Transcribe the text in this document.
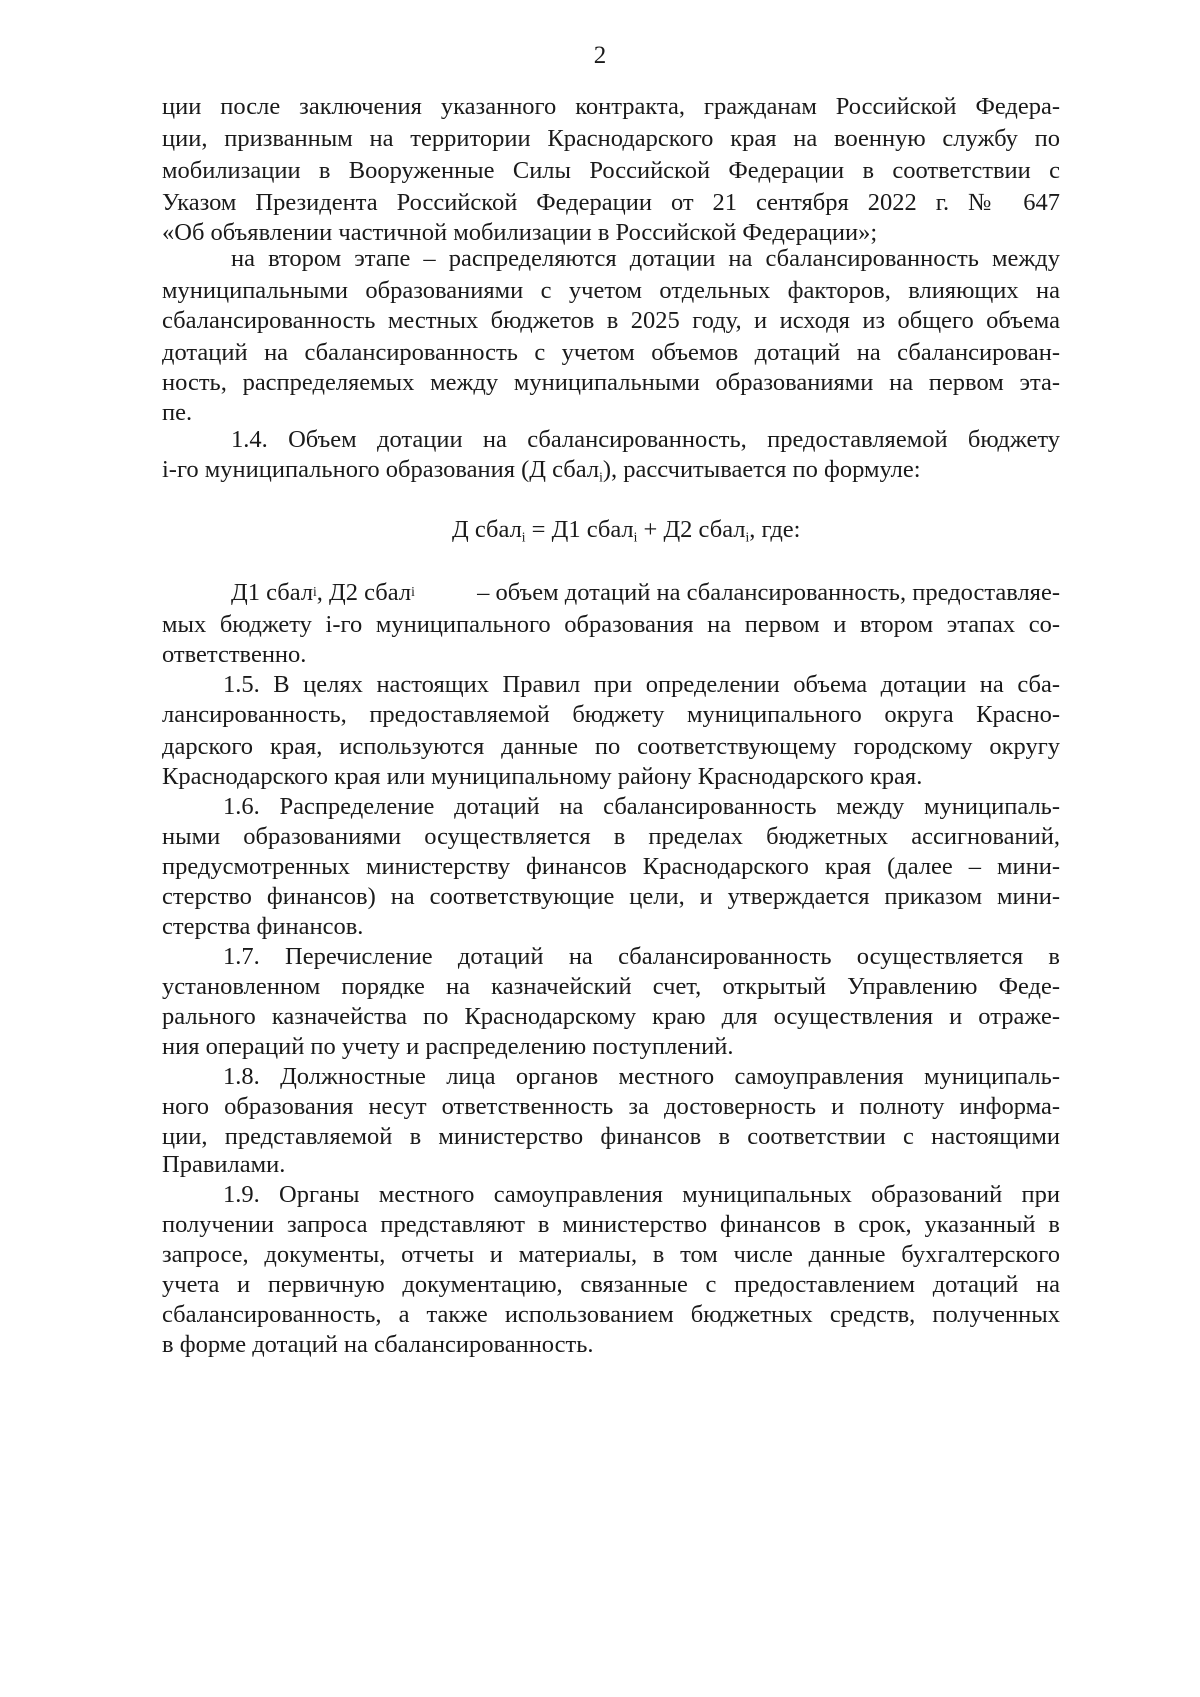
2
ции после заключения указанного контракта, гражданам Российской Федера-
ции, призванным на территории Краснодарского края на военную службу по
мобилизации в Вооруженные Силы Российской Федерации в соответствии с
Указом Президента Российской Федерации от 21 сентября 2022 г. № 647
«Об объявлении частичной мобилизации в Российской Федерации»;
на втором этапе – распределяются дотации на сбалансированность между
муниципальными образованиями с учетом отдельных факторов, влияющих на
сбалансированность местных бюджетов в 2025 году, и исходя из общего объема
дотаций на сбалансированность с учетом объемов дотаций на сбалансирован-
ность, распределяемых между муниципальными образованиями на первом эта-
пе.
1.4. Объем дотации на сбалансированность, предоставляемой бюджету
i-го муниципального образования (Д сбал$_i$), рассчитывается по формуле:
Д сбал$_i$ = Д1 сбал$_i$ + Д2 сбал$_i$, где:
Д1 сбал$_i$ , Д2 сбал$_i$	– объем дотаций на сбалансированность, предоставляе-
мых бюджету i-го муниципального образования на первом и втором этапах со-
ответственно.
1.5. В целях настоящих Правил при определении объема дотации на сба-
лансированность, предоставляемой бюджету муниципального округа Красно-
дарского края, используются данные по соответствующему городскому округу
Краснодарского края или муниципальному району Краснодарского края.
1.6. Распределение дотаций на сбалансированность между муниципаль-
ными образованиями осуществляется в пределах бюджетных ассигнований,
предусмотренных министерству финансов Краснодарского края (далее – мини-
стерство финансов) на соответствующие цели, и утверждается приказом мини-
стерства финансов.
1.7. Перечисление дотаций на сбалансированность осуществляется в
установленном порядке на казначейский счет, открытый Управлению Феде-
рального казначейства по Краснодарскому краю для осуществления и отраже-
ния операций по учету и распределению поступлений.
1.8. Должностные лица органов местного самоуправления муниципаль-
ного образования несут ответственность за достоверность и полноту информа-
ции, представляемой в министерство финансов в соответствии с настоящими
Правилами.
1.9. Органы местного самоуправления муниципальных образований при
получении запроса представляют в министерство финансов в срок, указанный в
запросе, документы, отчеты и материалы, в том числе данные бухгалтерского
учета и первичную документацию, связанные с предоставлением дотаций на
сбалансированность, а также использованием бюджетных средств, полученных
в форме дотаций на сбалансированность.
